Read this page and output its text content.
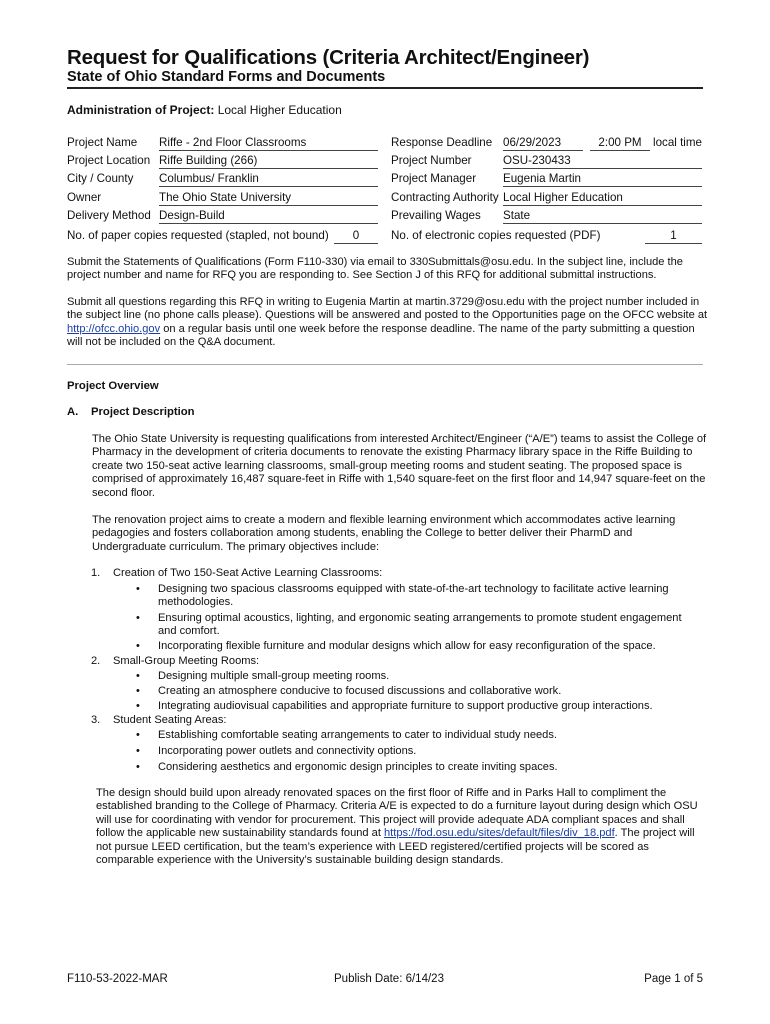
Request for Qualifications (Criteria Architect/Engineer)
State of Ohio Standard Forms and Documents
Administration of Project: Local Higher Education
Project Name Riffe - 2nd Floor Classrooms
Project Location Riffe Building (266)
City / County Columbus/ Franklin
Owner	The Ohio State University
Delivery Method Design-Build
No. of paper copies requested (stapled, not bound)	0
Response Deadline 06/29/2023	2:00 PM local time
Project Number	OSU-230433
Project Manager Eugenia Martin
Contracting Authority Local Higher Education
Prevailing Wages State
No. of electronic copies requested (PDF)	1

Submit the Statements of Qualifications (Form F110-330) via email to 330Submittals@osu.edu. In the subject line, include the project number and name for RFQ you are responding to. See Section J of this RFQ for additional submittal instructions.

Submit all questions regarding this RFQ in writing to Eugenia Martin at martin.3729@osu.edu with the project number included in the subject line (no phone calls please). Questions will be answered and posted to the Opportunities page on the OFCC website at http://ofcc.ohio.gov on a regular basis until one week before the response deadline. The name of the party submitting a question will not be included on the Q&A document.

Project Overview
A. Project Description

The Ohio State University is requesting qualifications from interested Architect/Engineer (“A/E”) teams to assist the College of Pharmacy in the development of criteria documents to renovate the existing Pharmacy library space in the Riffe Building to create two 150-seat active learning classrooms, small-group meeting rooms and student seating. The proposed space is comprised of approximately 16,487 square-feet in Riffe with 1,540 square-feet on the first floor and 14,947 square-feet on the second floor.

The renovation project aims to create a modern and flexible learning environment which accommodates active learning pedagogies and fosters collaboration among students, enabling the College to better deliver their PharmD and Undergraduate curriculum. The primary objectives include:

1. Creation of Two 150-Seat Active Learning Classrooms:
• Designing two spacious classrooms equipped with state-of-the-art technology to facilitate active learning methodologies.
• Ensuring optimal acoustics, lighting, and ergonomic seating arrangements to promote student engagement and comfort.
• Incorporating flexible furniture and modular designs which allow for easy reconfiguration of the space.
2. Small-Group Meeting Rooms:
• Designing multiple small-group meeting rooms.
• Creating an atmosphere conducive to focused discussions and collaborative work.
• Integrating audiovisual capabilities and appropriate furniture to support productive group interactions.
3. Student Seating Areas:
• Establishing comfortable seating arrangements to cater to individual study needs.
• Incorporating power outlets and connectivity options.
• Considering aesthetics and ergonomic design principles to create inviting spaces.

The design should build upon already renovated spaces on the first floor of Riffe and in Parks Hall to compliment the established branding to the College of Pharmacy. Criteria A/E is expected to do a furniture layout during design which OSU will use for coordinating with vendor for procurement. This project will provide adequate ADA compliant spaces and shall follow the applicable new sustainability standards found at https://fod.osu.edu/sites/default/files/div_18.pdf. The project will not pursue LEED certification, but the team’s experience with LEED registered/certified projects will be scored as comparable experience with the University’s sustainable building design standards.

F110-53-2022-MAR	Publish Date: 6/14/23	Page 1 of 5
